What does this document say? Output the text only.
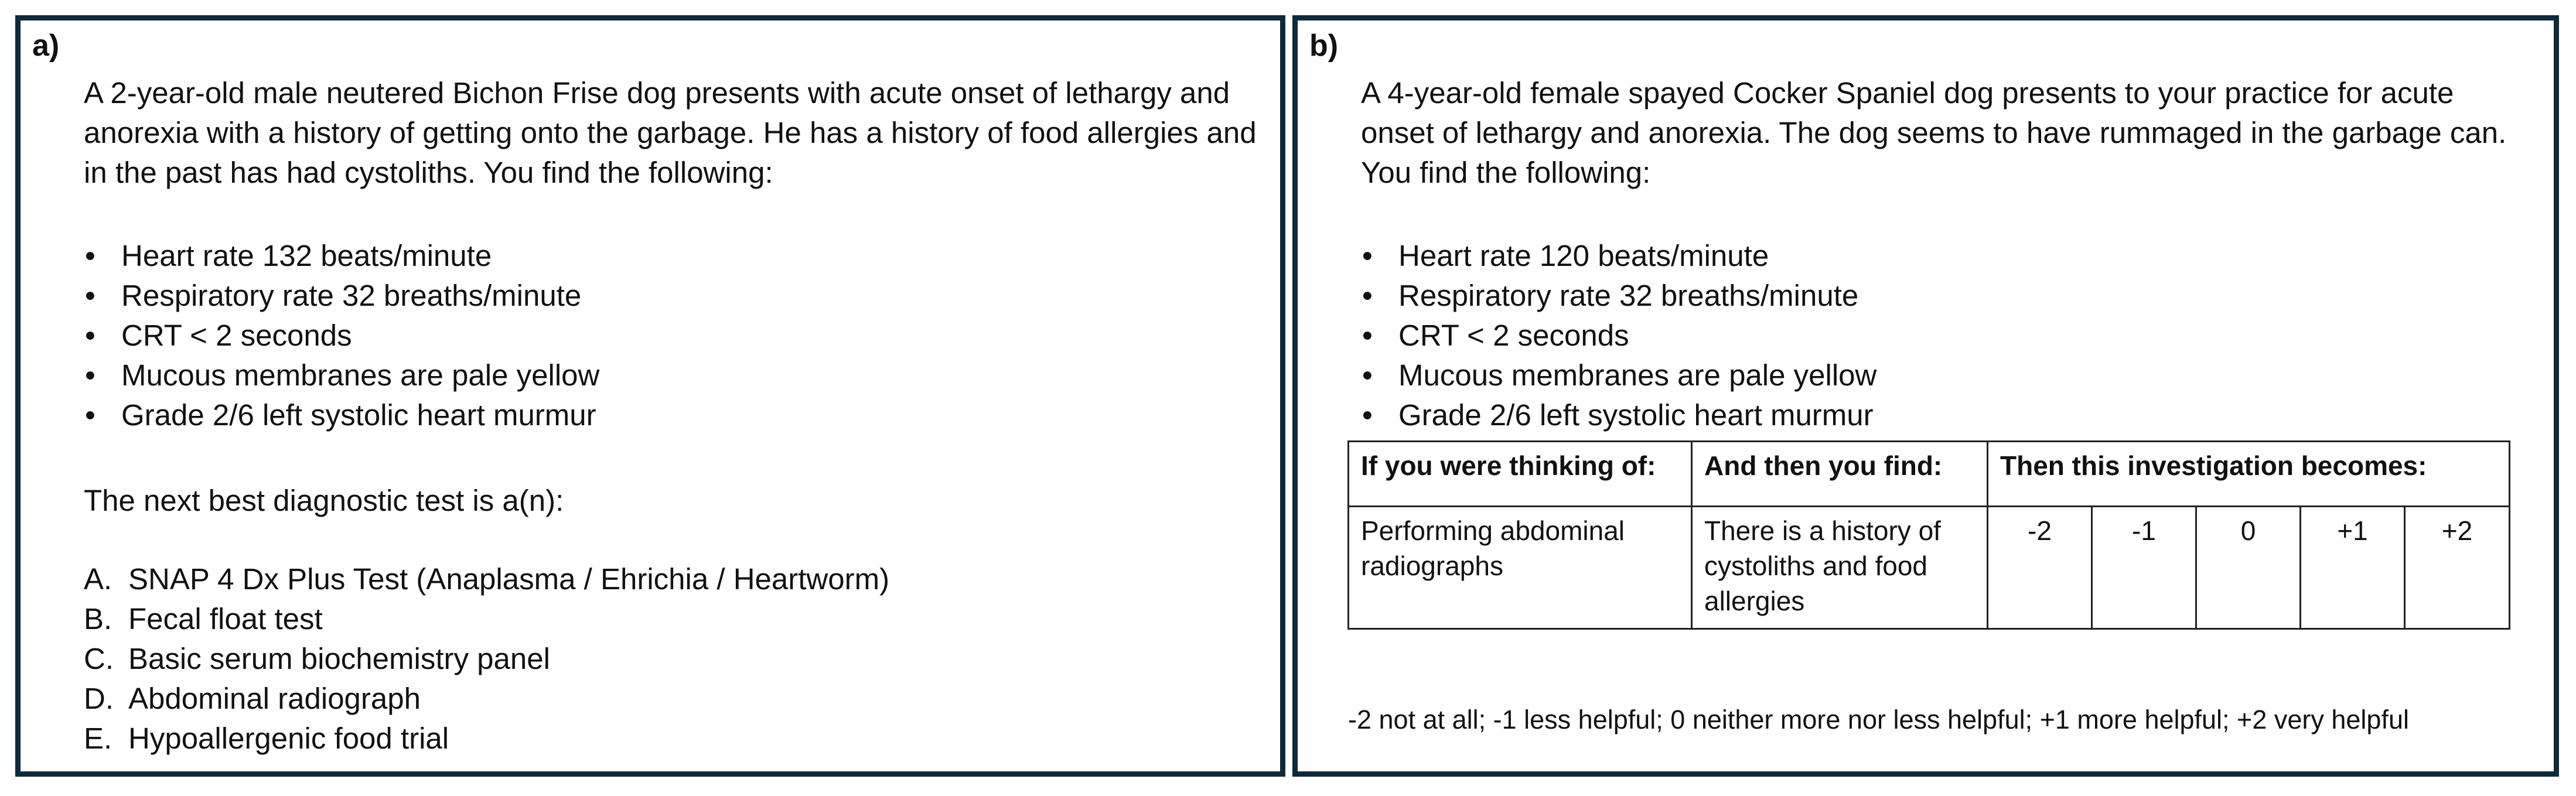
a)

A 2-year-old male neutered Bichon Frise dog presents with acute onset of lethargy and anorexia with a history of getting onto the garbage. He has a history of food allergies and in the past has had cystoliths. You find the following:

• Heart rate 132 beats/minute
• Respiratory rate 32 breaths/minute
• CRT < 2 seconds
• Mucous membranes are pale yellow
• Grade 2/6 left systolic heart murmur

The next best diagnostic test is a(n):

A. SNAP 4 Dx Plus Test (Anaplasma / Ehrichia / Heartworm)
B. Fecal float test
C. Basic serum biochemistry panel
D. Abdominal radiograph
E. Hypoallergenic food trial
b)

A 4-year-old female spayed Cocker Spaniel dog presents to your practice for acute onset of lethargy and anorexia. The dog seems to have rummaged in the garbage can. You find the following:

• Heart rate 120 beats/minute
• Respiratory rate 32 breaths/minute
• CRT < 2 seconds
• Mucous membranes are pale yellow
• Grade 2/6 left systolic heart murmur
If you were thinking of:	And then you find:	Then this investigation becomes:				
Performing abdominal radiographs	There is a history of cystoliths and food allergies	-2	-1	0	+1	+2

-2 not at all; -1 less helpful; 0 neither more nor less helpful; +1 more helpful; +2 very helpful
